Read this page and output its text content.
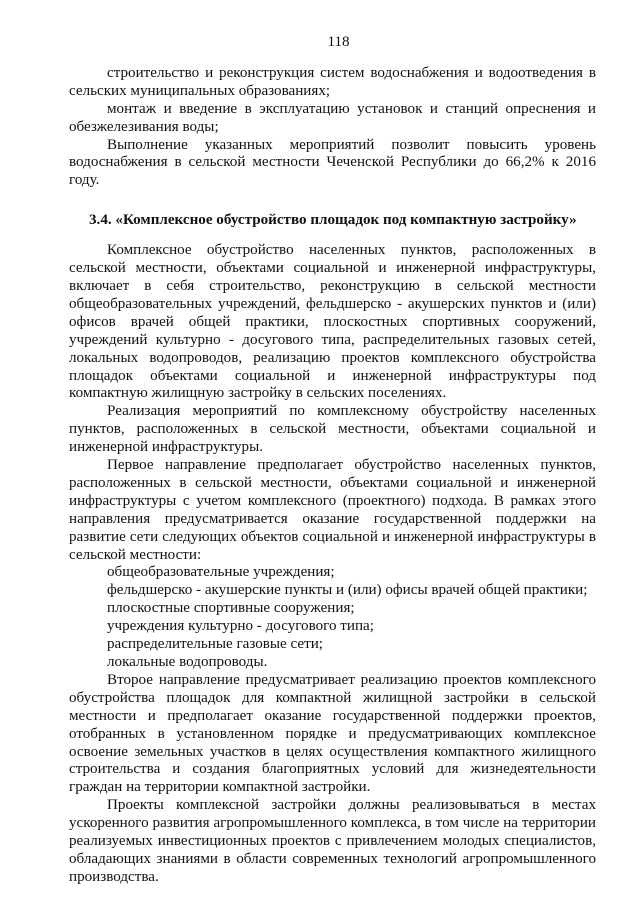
118

строительство и реконструкция систем водоснабжения и водоотведения в сельских муниципальных образованиях;

монтаж и введение в эксплуатацию установок и станций опреснения и обезжелезивания воды;

Выполнение указанных мероприятий позволит повысить уровень водоснабжения в сельской местности Чеченской Республики до 66,2% к 2016 году.

3.4. «Комплексное обустройство площадок под компактную застройку»

Комплексное обустройство населенных пунктов, расположенных в сельской местности, объектами социальной и инженерной инфраструктуры, включает в себя строительство, реконструкцию в сельской местности общеобразовательных учреждений, фельдшерско - акушерских пунктов и (или) офисов врачей общей практики, плоскостных спортивных сооружений, учреждений культурно - досугового типа, распределительных газовых сетей, локальных водопроводов, реализацию проектов комплексного обустройства площадок объектами социальной и инженерной инфраструктуры под компактную жилищную застройку в сельских поселениях.

Реализация мероприятий по комплексному обустройству населенных пунктов, расположенных в сельской местности, объектами социальной и инженерной инфраструктуры.

Первое направление предполагает обустройство населенных пунктов, расположенных в сельской местности, объектами социальной и инженерной инфраструктуры с учетом комплексного (проектного) подхода. В рамках этого направления предусматривается оказание государственной поддержки на развитие сети следующих объектов социальной и инженерной инфраструктуры в сельской местности:

общеобразовательные учреждения;
фельдшерско - акушерские пункты и (или) офисы врачей общей практики;
плоскостные спортивные сооружения;
учреждения культурно - досугового типа;
распределительные газовые сети;
локальные водопроводы.

Второе направление предусматривает реализацию проектов комплексного обустройства площадок для компактной жилищной застройки в сельской местности и предполагает оказание государственной поддержки проектов, отобранных в установленном порядке и предусматривающих комплексное освоение земельных участков в целях осуществления компактного жилищного строительства и создания благоприятных условий для жизнедеятельности граждан на территории компактной застройки.

Проекты комплексной застройки должны реализовываться в местах ускоренного развития агропромышленного комплекса, в том числе на территории реализуемых инвестиционных проектов с привлечением молодых специалистов, обладающих знаниями в области современных технологий агропромышленного производства.
